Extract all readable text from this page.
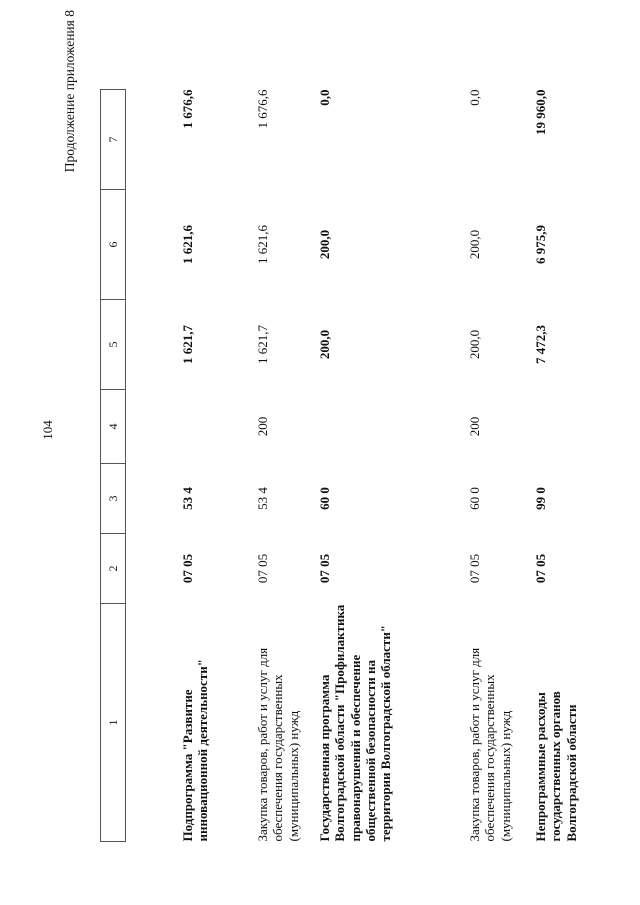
104
Продолжение приложения 8
1	2	3	4	5	6	7
Подпрограмма "Развитие инновационной деятельности"	07 05	53 4		1 621,7	1 621,6	1 676,6
Закупка товаров, работ и услуг для обеспечения государственных (муниципальных) нужд	07 05	53 4	200	1 621,7	1 621,6	1 676,6
Государственная программа Волгоградской области "Профилактика правонарушений и обеспечение общественной безопасности на территории Волгоградской области"	07 05	60 0		200,0	200,0	0,0
Закупка товаров, работ и услуг для обеспечения государственных (муниципальных) нужд	07 05	60 0	200	200,0	200,0	0,0
Непрограммные расходы государственных органов Волгоградской области	07 05	99 0		7 472,3	6 975,9	19 960,0
